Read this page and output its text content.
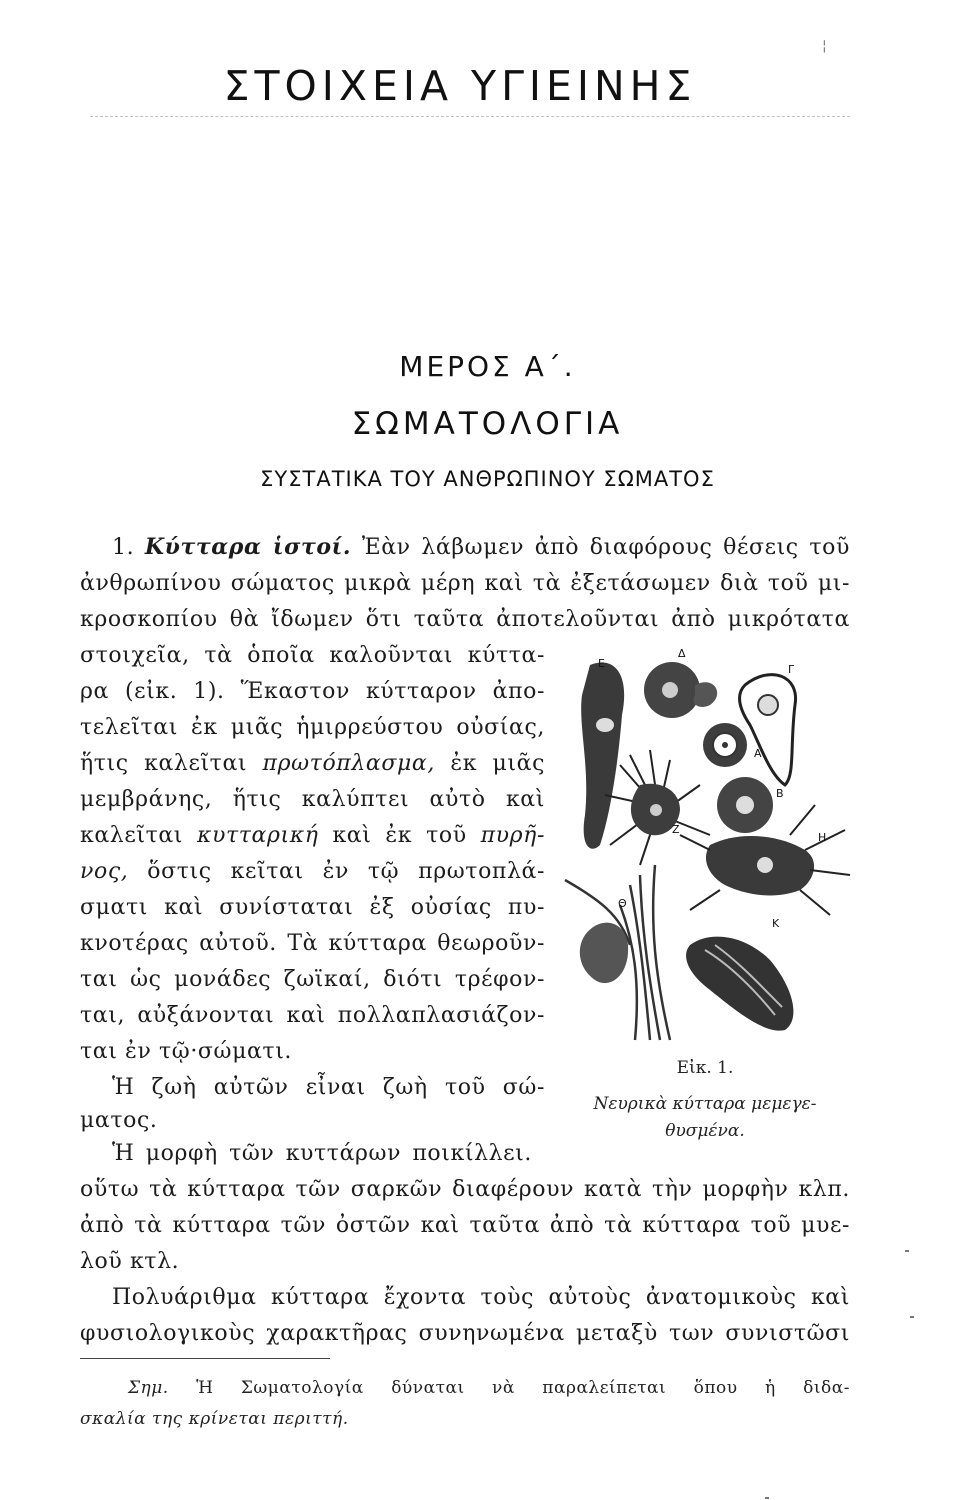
¦
ΣΤΟΙΧΕΙΑ ΥΓΙΕΙΝΗΣ
ΜΕΡΟΣ Α΄.
ΣΩΜΑΤΟΛΟΓΙΑ
ΣΥΣΤΑΤΙΚΑ ΤΟΥ ΑΝΘΡΩΠΙΝΟΥ ΣΩΜΑΤΟΣ
1. Κύτταρα ἱστοί. Ἐὰν λάβωμεν ἀπὸ διαφόρους θέσεις τοῦ
ἀνθρωπίνου σώματος μικρὰ μέρη καὶ τὰ ἐξετάσωμεν διὰ τοῦ μι-
κροσκοπίου θὰ ἴδωμεν ὅτι ταῦτα ἀποτελοῦνται ἀπὸ μικρότατα
στοιχεῖα, τὰ ὁποῖα καλοῦνται κύττα-
ρα (εἰκ. 1). Ἕκαστον κύτταρον ἀπο-
τελεῖται ἐκ μιᾶς ἡμιρρεύστου οὐσίας,
ἥτις καλεῖται πρωτόπλασμα, ἐκ μιᾶς
μεμβράνης, ἥτις καλύπτει αὐτὸ καὶ
καλεῖται κυτταρική καὶ ἐκ τοῦ πυρῆ-
νος, ὅστις κεῖται ἐν τῷ πρωτοπλά-
σματι καὶ συνίσταται ἐξ οὐσίας πυ-
κνοτέρας αὐτοῦ. Τὰ κύτταρα θεωροῦν-
ται ὡς μονάδες ζωϊκαί, διότι τρέφον-
ται, αὐξάνονται καὶ πολλαπλασιάζον-
ται ἐν τῷ·σώματι.
Ἡ ζωὴ αὐτῶν εἶναι ζωὴ τοῦ σώ-
ματος.
Ἡ μορφὴ τῶν κυττάρων ποικίλλει.
οὕτω τὰ κύτταρα τῶν σαρκῶν διαφέρουν κατὰ τὴν μορφὴν κλπ.
ἀπὸ τὰ κύτταρα τῶν ὀστῶν καὶ ταῦτα ἀπὸ τὰ κύτταρα τοῦ μυε-
λοῦ κτλ.
Πολυάριθμα κύτταρα ἔχοντα τοὺς αὐτοὺς ἀνατομικοὺς καὶ
φυσιολογικοὺς χαρακτῆρας συνηνωμένα μεταξὺ των συνιστῶσι
Ε
Δ
Γ
Α
Β
Ζ
Η
Θ
Κ
Εἰκ. 1.
Νευρικὰ κύτταρα μεμεγε-
θυσμένα.
Σημ. Ἡ Σωματολογία δύναται νὰ παραλείπεται ὅπου ἡ διδα-
σκαλία της κρίνεται περιττή.
